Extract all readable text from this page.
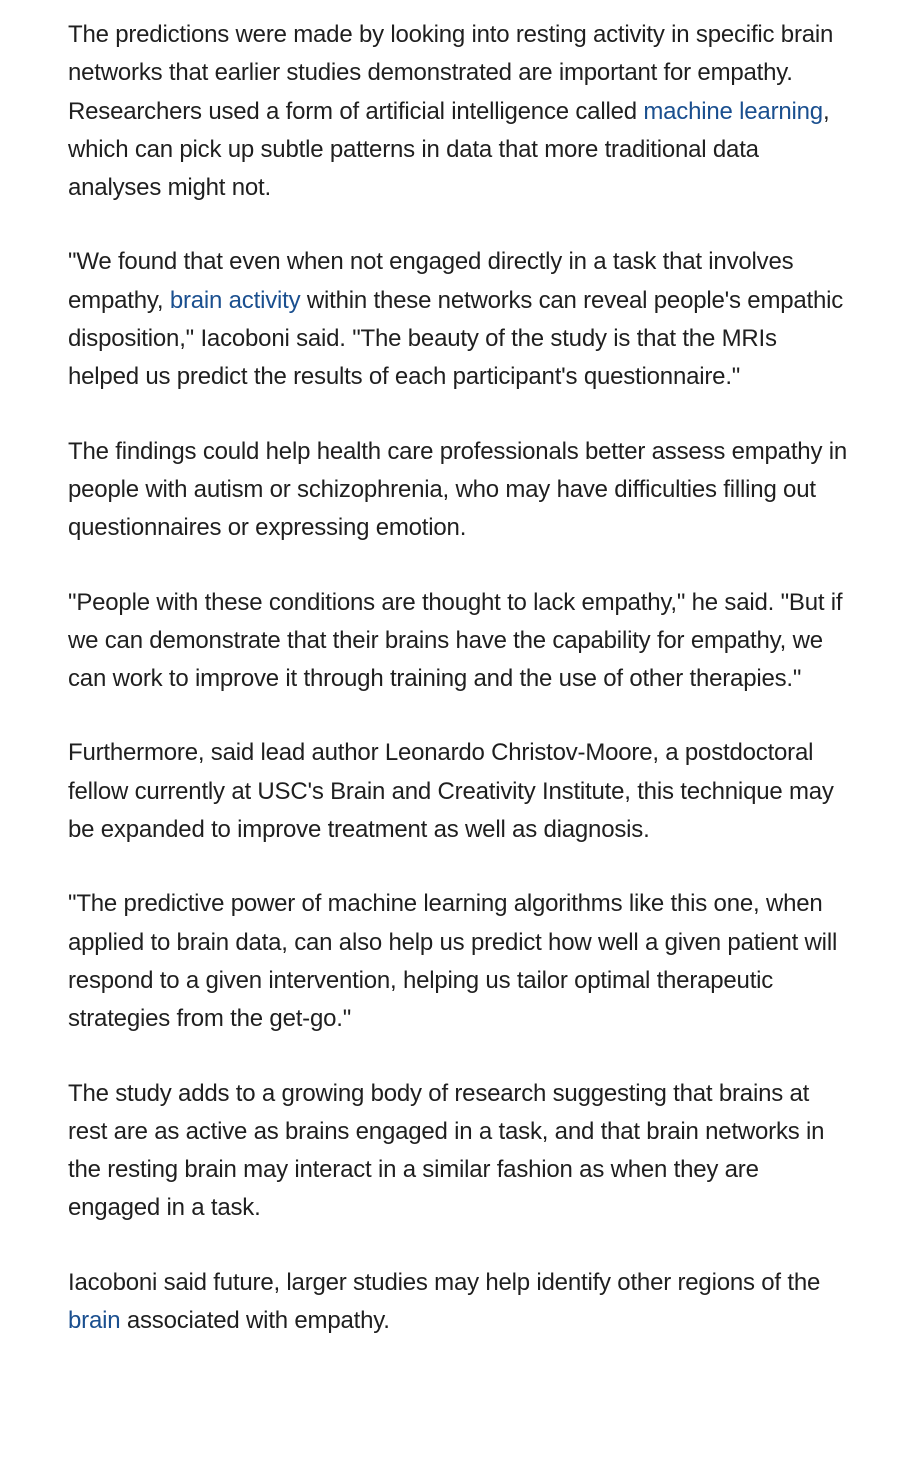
The predictions were made by looking into resting activity in specific brain networks that earlier studies demonstrated are important for empathy. Researchers used a form of artificial intelligence called machine learning, which can pick up subtle patterns in data that more traditional data analyses might not.

"We found that even when not engaged directly in a task that involves empathy, brain activity within these networks can reveal people's empathic disposition," Iacoboni said. "The beauty of the study is that the MRIs helped us predict the results of each participant's questionnaire."

The findings could help health care professionals better assess empathy in people with autism or schizophrenia, who may have difficulties filling out questionnaires or expressing emotion.

"People with these conditions are thought to lack empathy," he said. "But if we can demonstrate that their brains have the capability for empathy, we can work to improve it through training and the use of other therapies."

Furthermore, said lead author Leonardo Christov-Moore, a postdoctoral fellow currently at USC's Brain and Creativity Institute, this technique may be expanded to improve treatment as well as diagnosis.

"The predictive power of machine learning algorithms like this one, when applied to brain data, can also help us predict how well a given patient will respond to a given intervention, helping us tailor optimal therapeutic strategies from the get-go."

The study adds to a growing body of research suggesting that brains at rest are as active as brains engaged in a task, and that brain networks in the resting brain may interact in a similar fashion as when they are engaged in a task.

Iacoboni said future, larger studies may help identify other regions of the brain associated with empathy.
